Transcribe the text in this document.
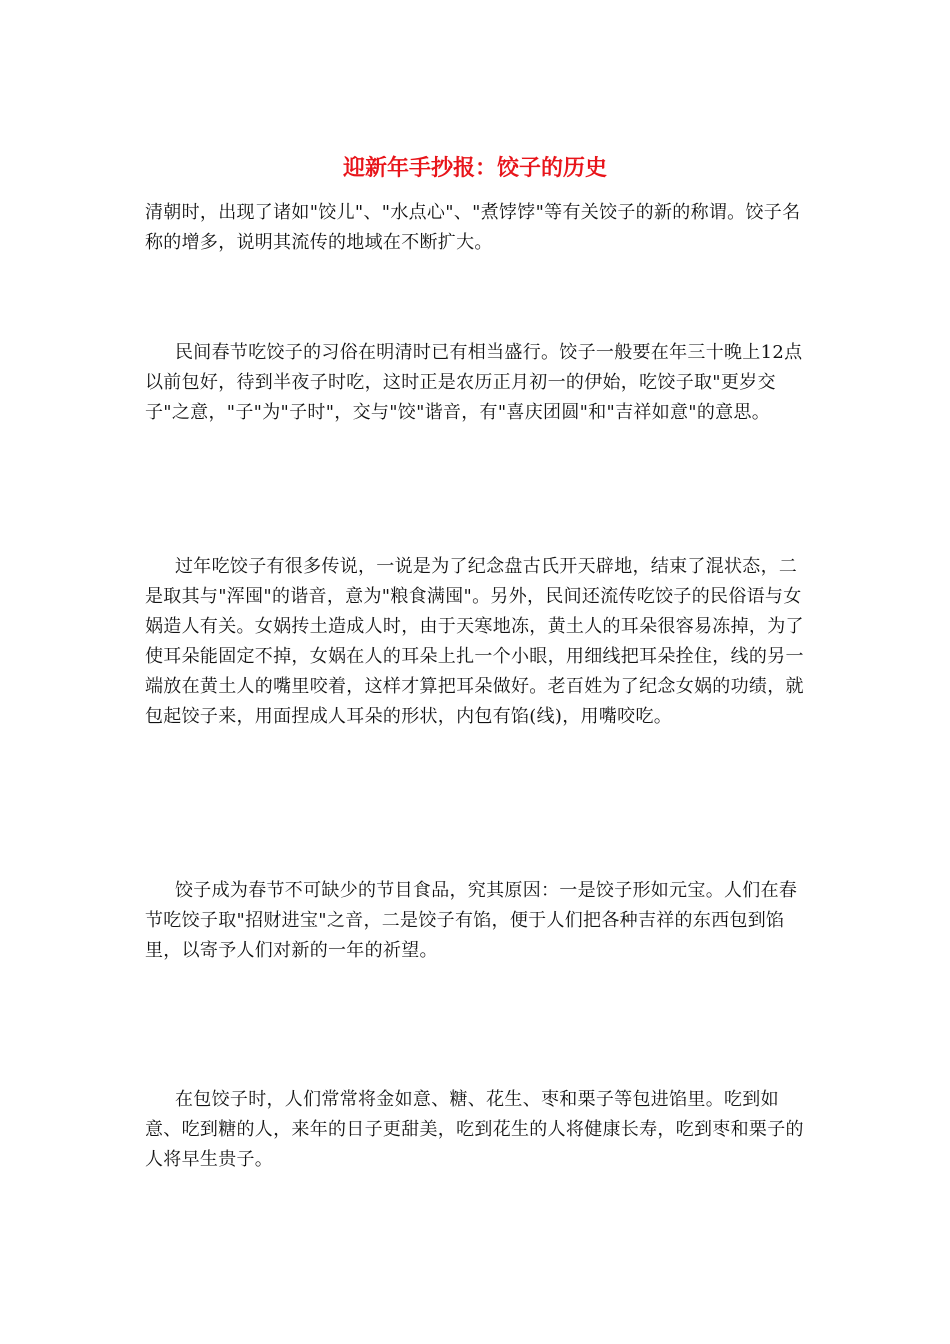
迎新年手抄报：饺子的历史

清朝时，出现了诸如"饺儿"、"水点心"、"煮饽饽"等有关饺子的新的称谓。饺子名称的增多，说明其流传的地域在不断扩大。

民间春节吃饺子的习俗在明清时已有相当盛行。饺子一般要在年三十晚上12点以前包好，待到半夜子时吃，这时正是农历正月初一的伊始，吃饺子取"更岁交子"之意，"子"为"子时"，交与"饺"谐音，有"喜庆团圆"和"吉祥如意"的意思。

过年吃饺子有很多传说，一说是为了纪念盘古氏开天辟地，结束了混状态，二是取其与"浑囤"的谐音，意为"粮食满囤"。另外，民间还流传吃饺子的民俗语与女娲造人有关。女娲抟土造成人时，由于天寒地冻，黄土人的耳朵很容易冻掉，为了使耳朵能固定不掉，女娲在人的耳朵上扎一个小眼，用细线把耳朵拴住，线的另一端放在黄土人的嘴里咬着，这样才算把耳朵做好。老百姓为了纪念女娲的功绩，就包起饺子来，用面捏成人耳朵的形状，内包有馅(线)，用嘴咬吃。

饺子成为春节不可缺少的节目食品，究其原因：一是饺子形如元宝。人们在春节吃饺子取"招财进宝"之音，二是饺子有馅，便于人们把各种吉祥的东西包到馅里，以寄予人们对新的一年的祈望。

在包饺子时，人们常常将金如意、糖、花生、枣和栗子等包进馅里。吃到如意、吃到糖的人，来年的日子更甜美，吃到花生的人将健康长寿，吃到枣和栗子的人将早生贵子。
